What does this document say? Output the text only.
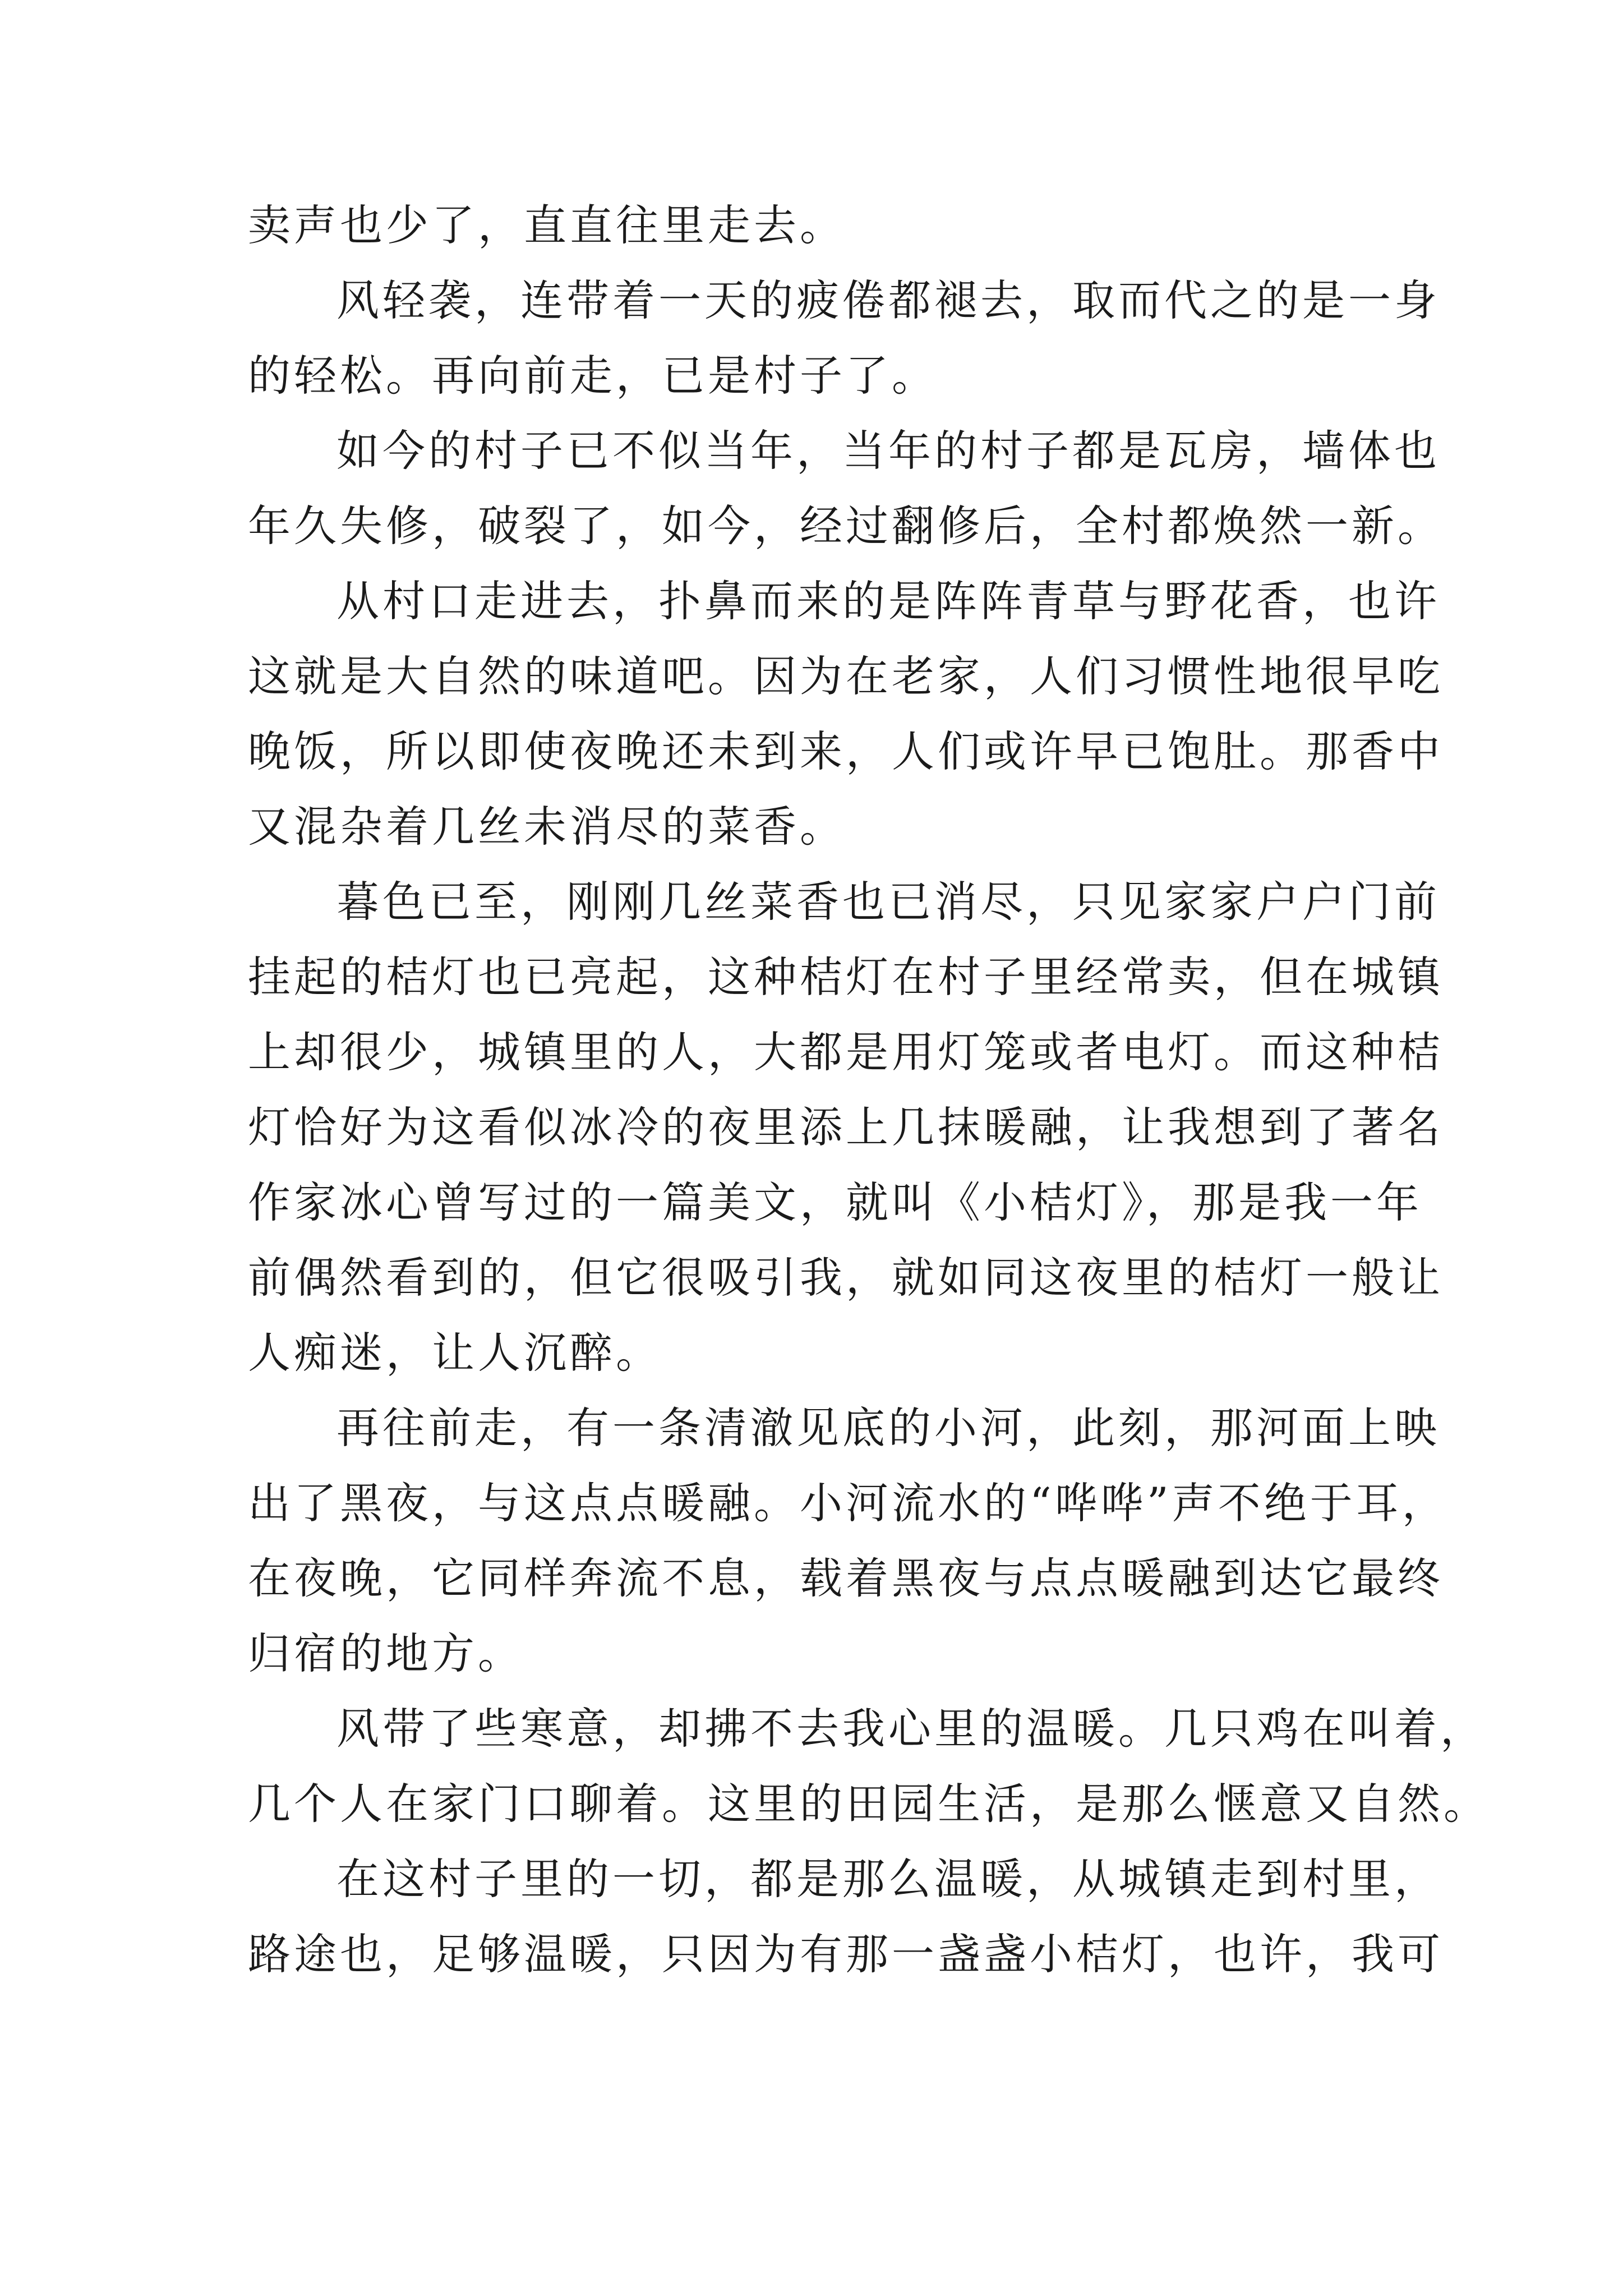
卖声也少了，直直往里走去。
风轻袭，连带着一天的疲倦都褪去，取而代之的是一身
的轻松。再向前走，已是村子了。
如今的村子已不似当年，当年的村子都是瓦房，墙体也
年久失修，破裂了，如今，经过翻修后，全村都焕然一新。
从村口走进去，扑鼻而来的是阵阵青草与野花香，也许
这就是大自然的味道吧。因为在老家，人们习惯性地很早吃
晚饭，所以即使夜晚还未到来，人们或许早已饱肚。那香中
又混杂着几丝未消尽的菜香。
暮色已至，刚刚几丝菜香也已消尽，只见家家户户门前
挂起的桔灯也已亮起，这种桔灯在村子里经常卖，但在城镇
上却很少，城镇里的人，大都是用灯笼或者电灯。而这种桔
灯恰好为这看似冰冷的夜里添上几抹暖融，让我想到了著名
作家冰心曾写过的一篇美文，就叫《小桔灯》，那是我一年
前偶然看到的，但它很吸引我，就如同这夜里的桔灯一般让
人痴迷，让人沉醉。
再往前走，有一条清澈见底的小河，此刻，那河面上映
出了黑夜，与这点点暖融。小河流水的“哗哗”声不绝于耳，
在夜晚，它同样奔流不息，载着黑夜与点点暖融到达它最终
归宿的地方。
风带了些寒意，却拂不去我心里的温暖。几只鸡在叫着，
几个人在家门口聊着。这里的田园生活，是那么惬意又自然。
在这村子里的一切，都是那么温暖，从城镇走到村里，
路途也，足够温暖，只因为有那一盏盏小桔灯，也许，我可
